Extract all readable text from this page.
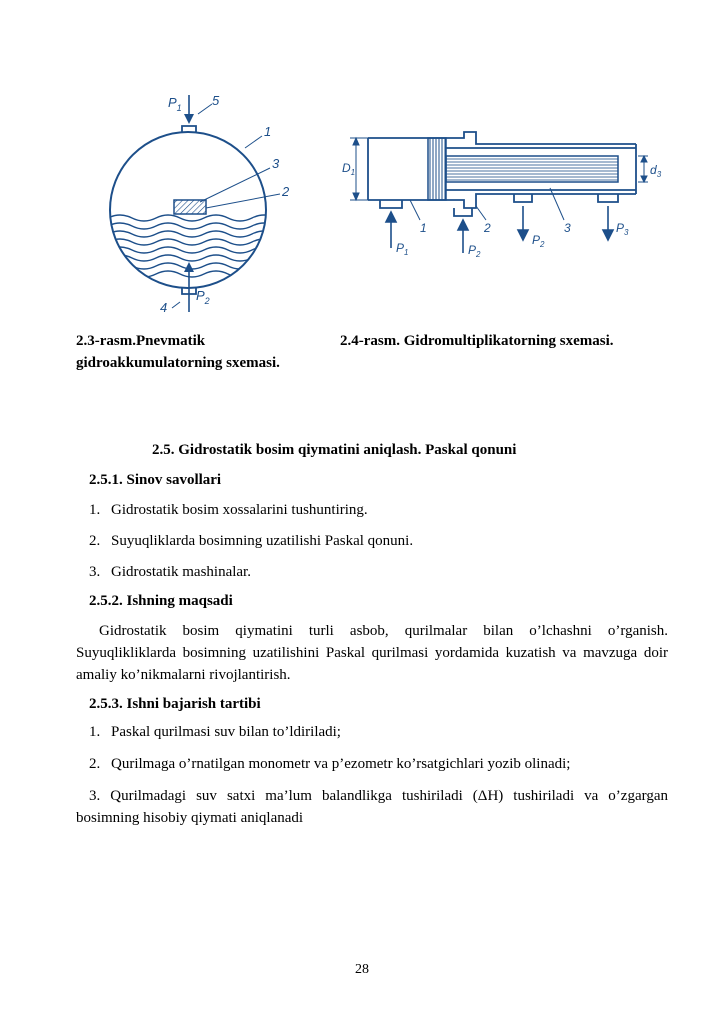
$P_1$ 5
1
3
2
4
$P_2$
$D_1$	$d_3$
1	2	3
$P_1$	$P_2$
$P_2$
$P_3$
2.3-rasm.Pnevmatik
gidroakkumulatorning sxemasi.
2.4-rasm. Gidromultiplikatorning sxemasi.
2.5. Gidrostatik bosim qiymatini aniqlash. Paskal qonuni
2.5.1. Sinov savollari
1. Gidrostatik bosim xossalarini tushuntiring.
2. Suyuqliklarda bosimning uzatilishi Paskal qonuni.
3. Gidrostatik mashinalar.
2.5.2. Ishning maqsadi
Gidrostatik bosim qiymatini turli asbob, qurilmalar bilan o’lchashni o’rganish. Suyuqlikliklarda bosimning uzatilishini Paskal qurilmasi yordamida kuzatish va mavzuga doir amaliy ko’nikmalarni rivojlantirish.
2.5.3. Ishni bajarish tartibi
1. Paskal qurilmasi suv bilan to’ldiriladi;
2. Qurilmaga o’rnatilgan monometr va p’ezometr ko’rsatgichlari yozib olinadi;
3. Qurilmadagi suv satxi ma’lum balandlikga tushiriladi (ΔH) tushiriladi va o’zgargan bosimning hisobiy qiymati aniqlanadi
28
